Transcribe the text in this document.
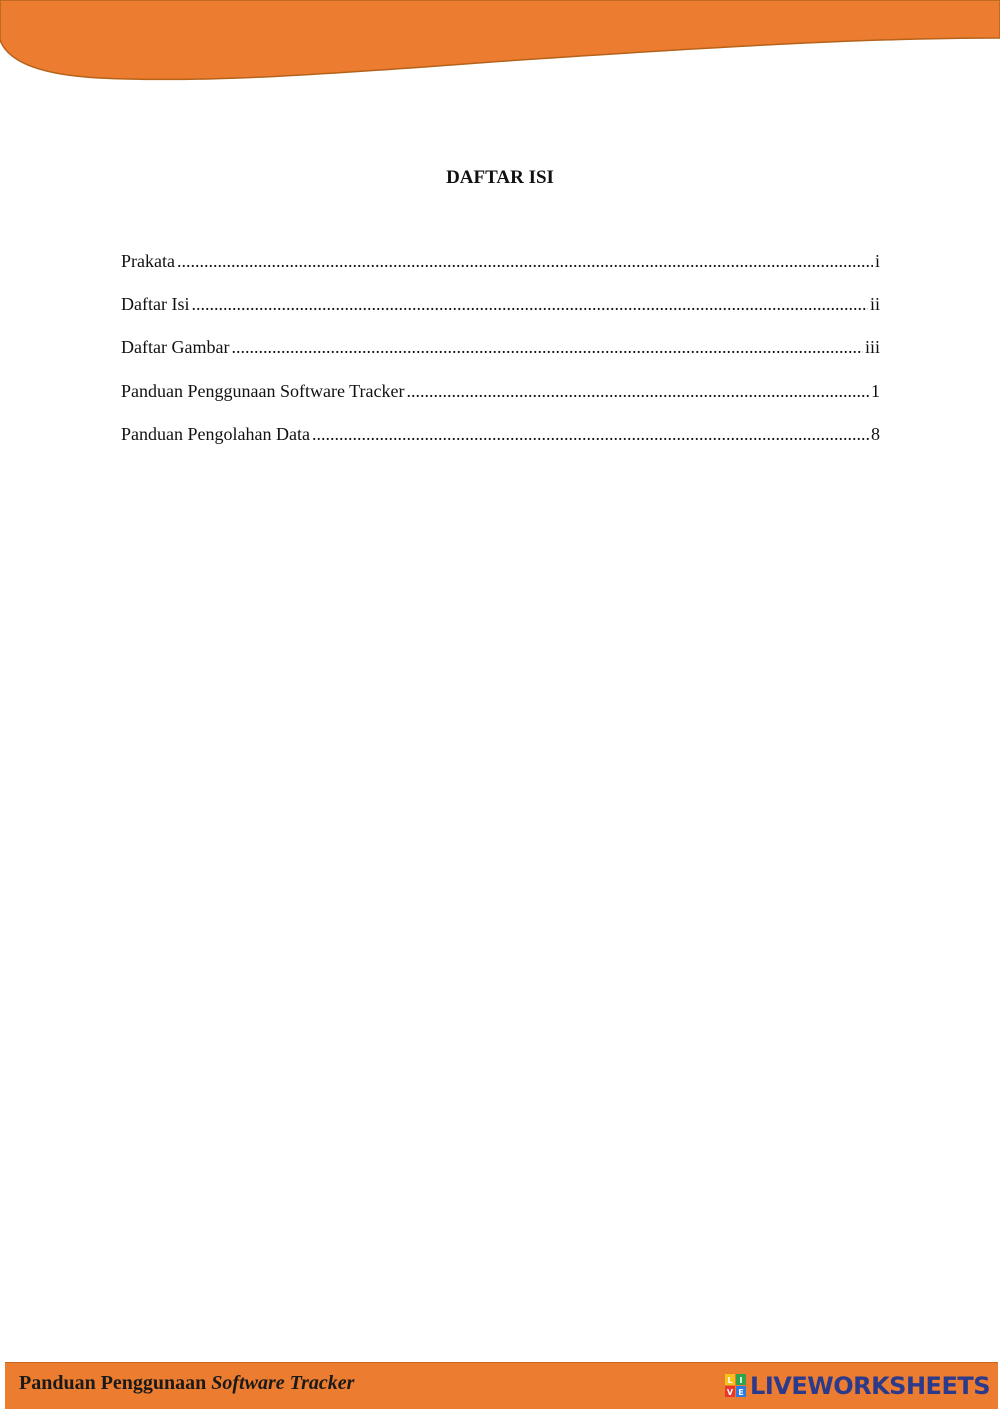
DAFTAR ISI
Prakata .....	i
Daftar Isi .....	ii
Daftar Gambar .....	iii
Panduan Penggunaan Software Tracker .....	1
Panduan Pengolahan Data .....	8
Panduan Penggunaan Software Tracker	L I
V E LIVEWORKSHEETS
